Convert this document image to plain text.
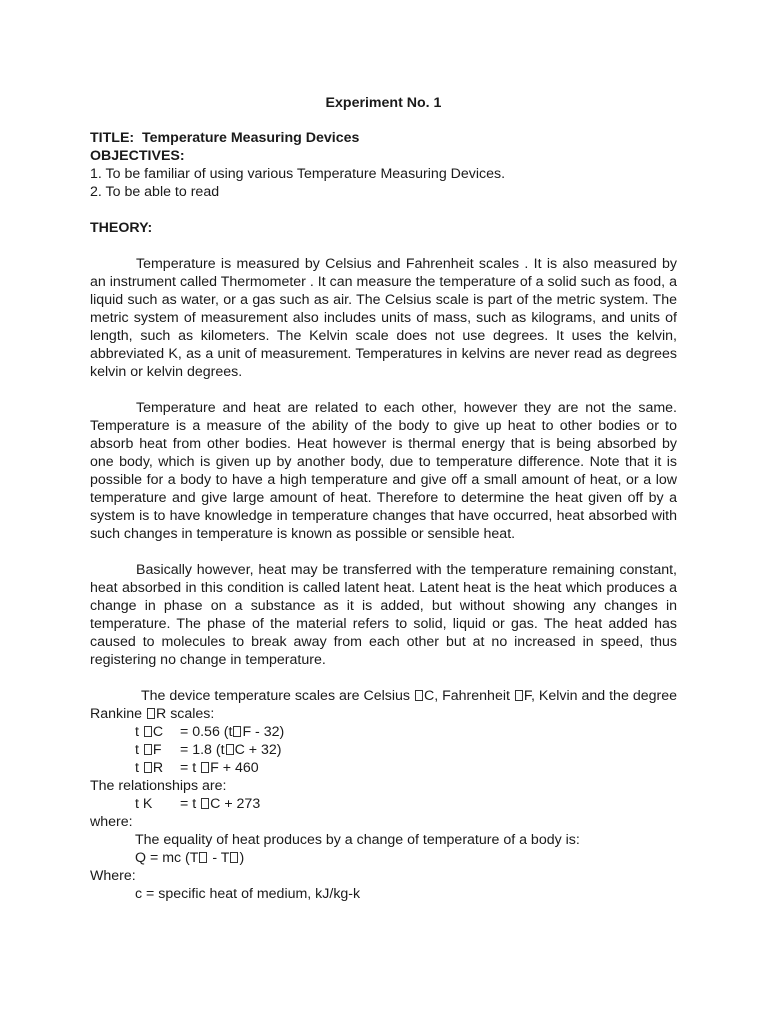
Experiment No. 1
TITLE: Temperature Measuring Devices
OBJECTIVES:
1. To be familiar of using various Temperature Measuring Devices.
2. To be able to read
THEORY:

Temperature is measured by Celsius and Fahrenheit scales . It is also measured by an instrument called Thermometer . It can measure the temperature of a solid such as food, a liquid such as water, or a gas such as air. The Celsius scale is part of the metric system. The metric system of measurement also includes units of mass, such as kilograms, and units of length, such as kilometers. The Kelvin scale does not use degrees. It uses the kelvin, abbreviated K, as a unit of measurement. Temperatures in kelvins are never read as degrees kelvin or kelvin degrees.

Temperature and heat are related to each other, however they are not the same. Temperature is a measure of the ability of the body to give up heat to other bodies or to absorb heat from other bodies. Heat however is thermal energy that is being absorbed by one body, which is given up by another body, due to temperature difference. Note that it is possible for a body to have a high temperature and give off a small amount of heat, or a low temperature and give large amount of heat. Therefore to determine the heat given off by a system is to have knowledge in temperature changes that have occurred, heat absorbed with such changes in temperature is known as possible or sensible heat.

Basically however, heat may be transferred with the temperature remaining constant, heat absorbed in this condition is called latent heat. Latent heat is the heat which produces a change in phase on a substance as it is added, but without showing any changes in temperature. The phase of the material refers to solid, liquid or gas. The heat added has caused to molecules to break away from each other but at no increased in speed, thus registering no change in temperature.

The device temperature scales are Celsius C, Fahrenheit F, Kelvin and the degree Rankine R scales:

t C	= 0.56 (t F - 32)
t F	= 1.8 (t C + 32)
t R	= t F + 460
The relationships are:
t K	= t C + 273
where:
The equality of heat produces by a change of temperature of a body is:
Q = mc (T - T )
Where:
c = specific heat of medium, kJ/kg-k
